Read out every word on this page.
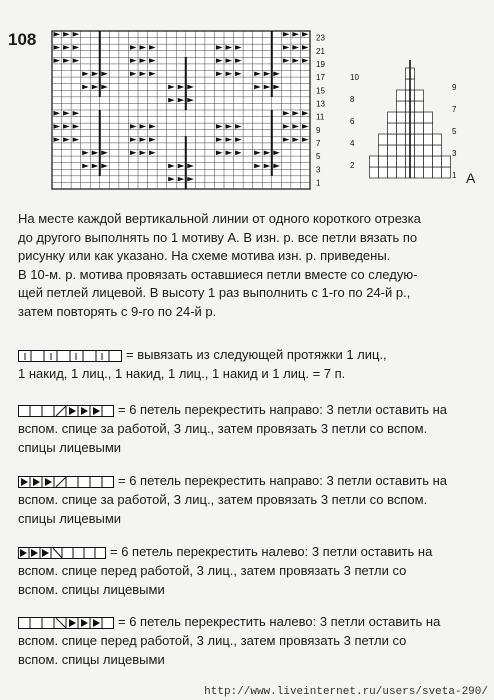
108	23
21
19
17
15
13
11
9
7
5
3
1
10
8
6
4
2
9
7
5
3
1 A
На месте каждой вертикальной линии от одного короткого отрезка
до другого выполнять по 1 мотиву А. В изн. р. все петли вязать по
рисунку или как указано. На схеме мотива изн. р. приведены.
В 10-м. р. мотива провязать оставшиеся петли вместе со следую-
щей петлей лицевой. В высоту 1 раз выполнить с 1-го по 24-й р.,
затем повторять с 9-го по 24-й р.
= вывязать из следующей протяжки 1 лиц.,
1 накид, 1 лиц., 1 накид, 1 лиц., 1 накид и 1 лиц. = 7 п.
= 6 петель перекрестить направо: 3 петли оставить на
вспом. спице за работой, 3 лиц., затем провязать 3 петли со вспом.
спицы лицевыми
= 6 петель перекрестить направо: 3 петли оставить на
вспом. спице за работой, 3 лиц., затем провязать 3 петли со вспом.
спицы лицевыми
= 6 петель перекрестить налево: 3 петли оставить на
вспом. спице перед работой, 3 лиц., затем провязать 3 петли со
вспом. спицы лицевыми
= 6 петель перекрестить налево: 3 петли оставить на
вспом. спице перед работой, 3 лиц., затем провязать 3 петли со
вспом. спицы лицевыми
http://www.liveinternet.ru/users/sveta-290/
